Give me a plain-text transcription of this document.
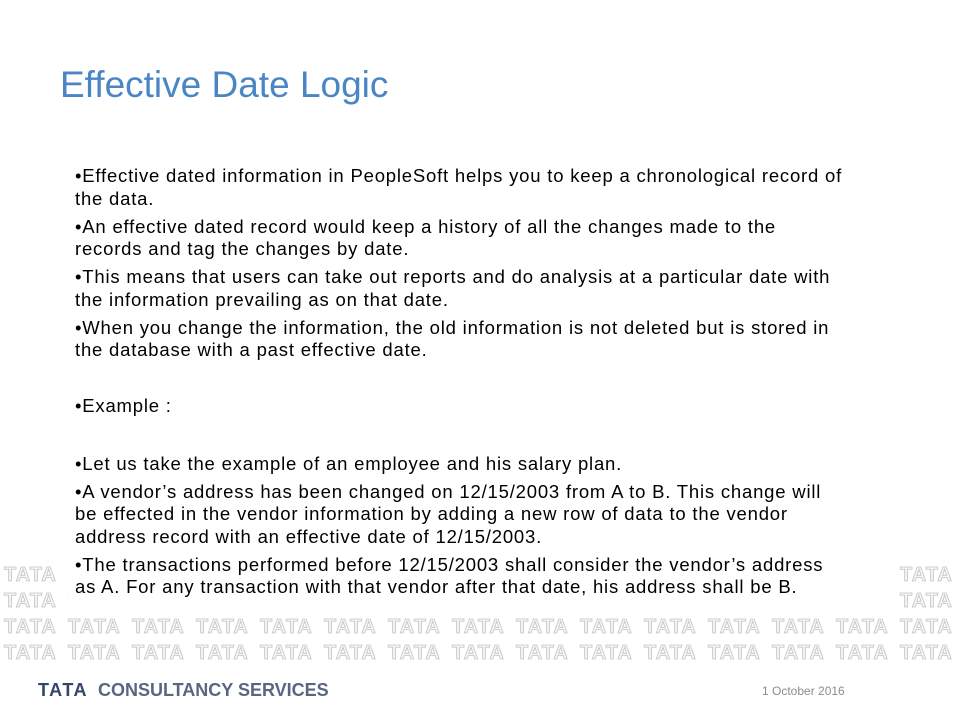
Effective Date Logic

•Effective dated information in PeopleSoft helps you to keep a chronological record of
the data.

•An effective dated record would keep a history of all the changes made to the
records and tag the changes by date.

•This means that users can take out reports and do analysis at a particular date with
the information prevailing as on that date.

•When you change the information, the old information is not deleted but is stored in
the database with a past effective date.

•Example :

•Let us take the example of an employee and his salary plan.

•A vendor’s address has been changed on 12/15/2003 from A to B. This change will
be effected in the vendor information by adding a new row of data to the vendor
address record with an effective date of 12/15/2003.

•The transactions performed before 12/15/2003 shall consider the vendor’s address
as A. For any transaction with that vendor after that date, his address shall be B.

TATA CONSULTANCY SERVICES	1 October 2016
